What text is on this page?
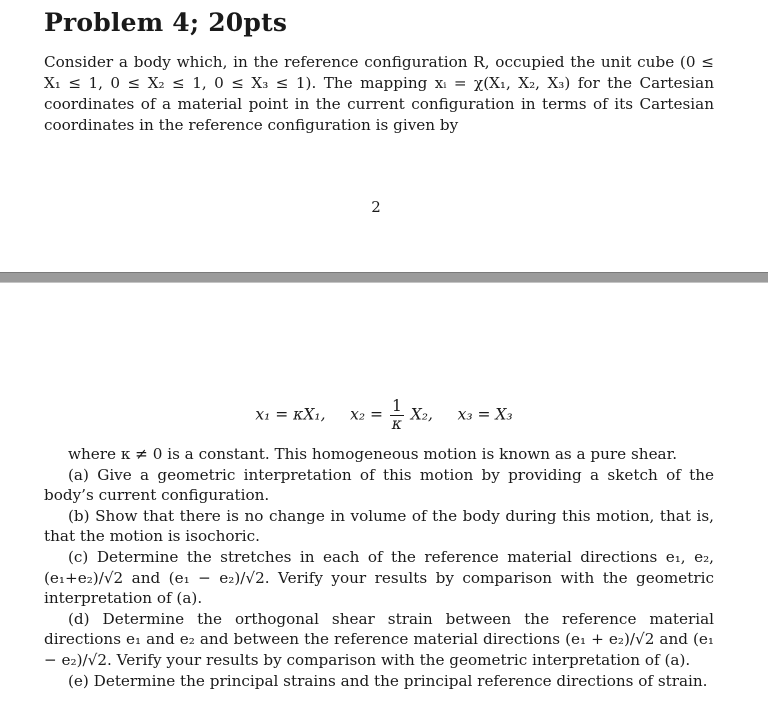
Problem 4; 20pts

Consider a body which, in the reference configuration R, occupied the unit cube (0 ≤ X₁ ≤ 1, 0 ≤ X₂ ≤ 1, 0 ≤ X₃ ≤ 1). The mapping xᵢ = χ(X₁, X₂, X₃) for the Cartesian coordinates of a material point in the current configuration in terms of its Cartesian coordinates in the reference configuration is given by

2
x₁ = κX₁, $x_2 = \frac{1}{\kappa} X_2$, x₃ = X₃

where κ ≠ 0 is a constant. This homogeneous motion is known as a pure shear.

(a) Give a geometric interpretation of this motion by providing a sketch of the body’s current configuration.

(b) Show that there is no change in volume of the body during this motion, that is, that the motion is isochoric.

(c) Determine the stretches in each of the reference material directions e₁, e₂, (e₁+e₂)/√2 and (e₁ − e₂)/√2. Verify your results by comparison with the geometric interpretation of (a).

(d) Determine the orthogonal shear strain between the reference material directions e₁ and e₂ and between the reference material directions (e₁ + e₂)/√2 and (e₁ − e₂)/√2. Verify your results by comparison with the geometric interpretation of (a).

(e) Determine the principal strains and the principal reference directions of strain.
